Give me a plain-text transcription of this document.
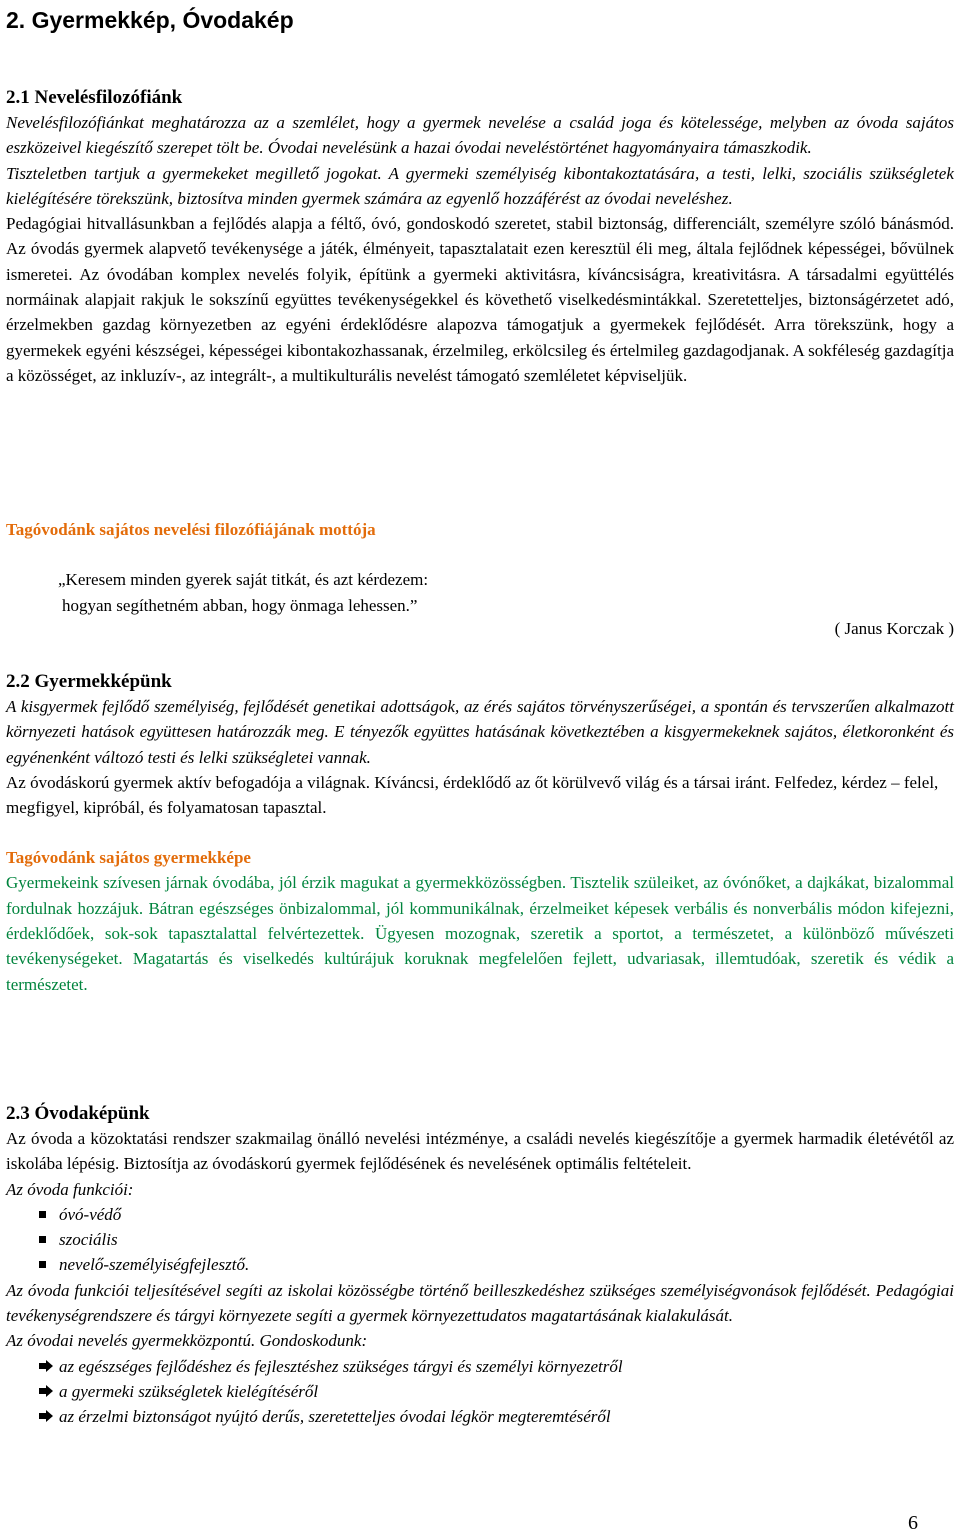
2. Gyermekkép, Óvodakép
2.1 Nevelésfilozófiánk

Nevelésfilozófiánkat meghatározza az a szemlélet, hogy a gyermek nevelése a család joga és kötelessége, melyben az óvoda sajátos eszközeivel kiegészítő szerepet tölt be. Óvodai nevelésünk a hazai óvodai neveléstörténet hagyományaira támaszkodik.

Tiszteletben tartjuk a gyermekeket megillető jogokat. A gyermeki személyiség kibontakoztatására, a testi, lelki, szociális szükségletek kielégítésére törekszünk, biztosítva minden gyermek számára az egyenlő hozzáférést az óvodai neveléshez.

Pedagógiai hitvallásunkban a fejlődés alapja a féltő, óvó, gondoskodó szeretet, stabil biztonság, differenciált, személyre szóló bánásmód. Az óvodás gyermek alapvető tevékenysége a játék, élményeit, tapasztalatait ezen keresztül éli meg, általa fejlődnek képességei, bővülnek ismeretei. Az óvodában komplex nevelés folyik, építünk a gyermeki aktivitásra, kíváncsiságra, kreativitásra. A társadalmi együttélés normáinak alapjait rakjuk le sokszínű együttes tevékenységekkel és követhető viselkedésmintákkal. Szeretetteljes, biztonságérzetet adó, érzelmekben gazdag környezetben az egyéni érdeklődésre alapozva támogatjuk a gyermekek fejlődését. Arra törekszünk, hogy a gyermekek egyéni készségei, képességei kibontakozhassanak, érzelmileg, erkölcsileg és értelmileg gazdagodjanak. A sokféleség gazdagítja a közösséget, az inkluzív-, az integrált-, a multikulturális nevelést támogató szemléletet képviseljük.

Tagóvodánk sajátos nevelési filozófiájának mottója

„Keresem minden gyerek saját titkát, és azt kérdezem:

hogyan segíthetném abban, hogy önmaga lehessen.”

( Janus Korczak )

2.2 Gyermekképünk

A kisgyermek fejlődő személyiség, fejlődését genetikai adottságok, az érés sajátos törvényszerűségei, a spontán és tervszerűen alkalmazott környezeti hatások együttesen határozzák meg. E tényezők együttes hatásának következtében a kisgyermekeknek sajátos, életkoronként és egyénenként változó testi és lelki szükségletei vannak.

Az óvodáskorú gyermek aktív befogadója a világnak. Kíváncsi, érdeklődő az őt körülvevő világ és a társai iránt. Felfedez, kérdez – felel, megfigyel, kipróbál, és folyamatosan tapasztal.

Tagóvodánk sajátos gyermekképe

Gyermekeink szívesen járnak óvodába, jól érzik magukat a gyermekközösségben. Tisztelik szüleiket, az óvónőket, a dajkákat, bizalommal fordulnak hozzájuk. Bátran egészséges önbizalommal, jól kommunikálnak, érzelmeiket képesek verbális és nonverbális módon kifejezni, érdeklődőek, sok-sok tapasztalattal felvértezettek. Ügyesen mozognak, szeretik a sportot, a természetet, a különböző művészeti tevékenységeket. Magatartás és viselkedés kultúrájuk koruknak megfelelően fejlett, udvariasak, illemtudóak, szeretik és védik a természetet.

2.3 Óvodaképünk

Az óvoda a közoktatási rendszer szakmailag önálló nevelési intézménye, a családi nevelés kiegészítője a gyermek harmadik életévétől az iskolába lépésig. Biztosítja az óvodáskorú gyermek fejlődésének és nevelésének optimális feltételeit.

Az óvoda funkciói:

óvó-védő
szociális
nevelő-személyiségfejlesztő.

Az óvoda funkciói teljesítésével segíti az iskolai közösségbe történő beilleszkedéshez szükséges személyiségvonások fejlődését. Pedagógiai tevékenységrendszere és tárgyi környezete segíti a gyermek környezettudatos magatartásának kialakulását.

Az óvodai nevelés gyermekközpontú. Gondoskodunk:

az egészséges fejlődéshez és fejlesztéshez szükséges tárgyi és személyi környezetről
a gyermeki szükségletek kielégítéséről
az érzelmi biztonságot nyújtó derűs, szeretetteljes óvodai légkör megteremtéséről
6
